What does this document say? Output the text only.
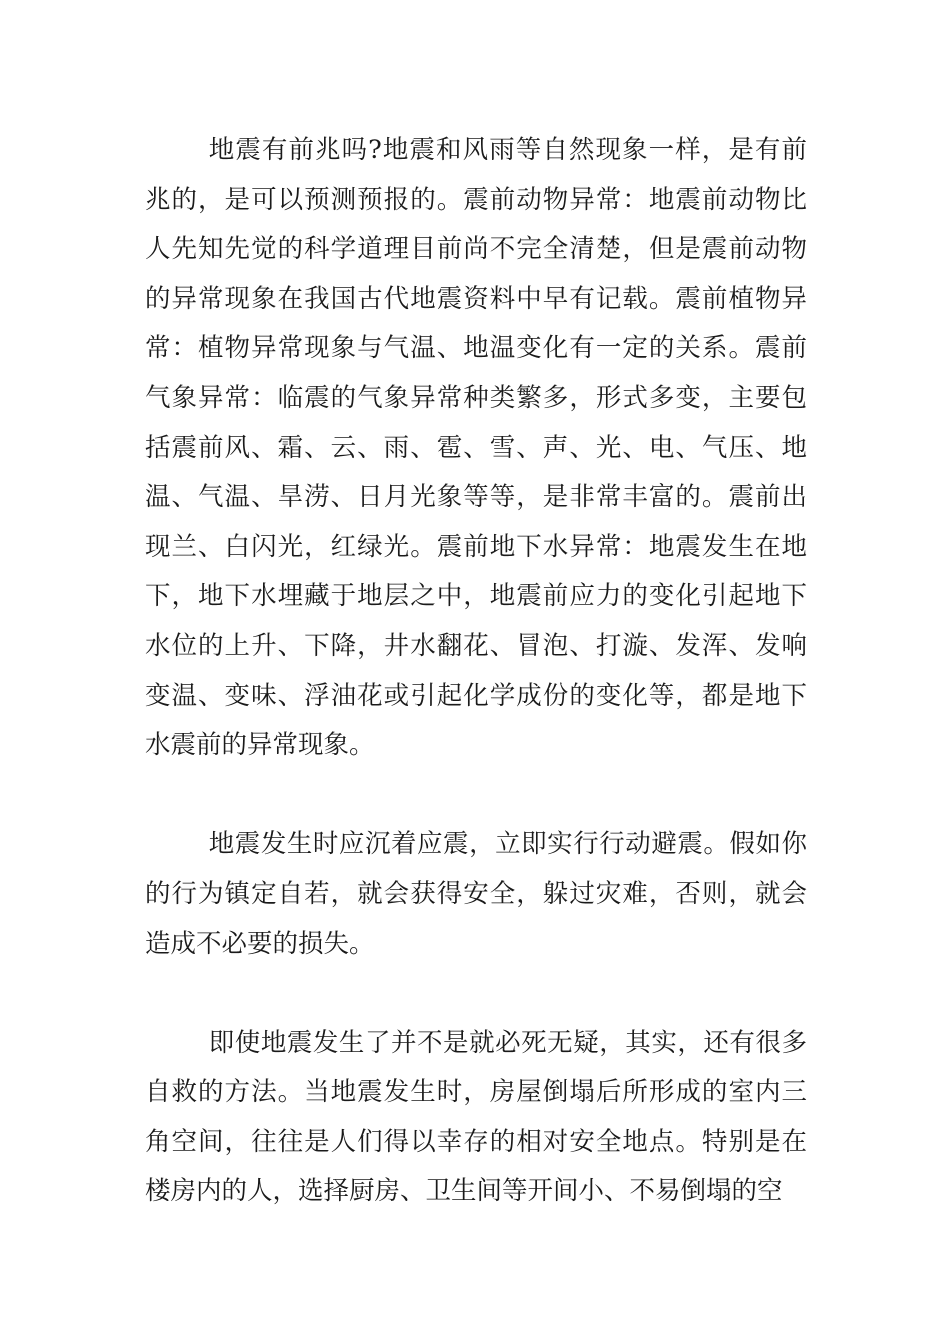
地震有前兆吗?地震和风雨等自然现象一样，是有前兆的，是可以预测预报的。震前动物异常：地震前动物比人先知先觉的科学道理目前尚不完全清楚，但是震前动物的异常现象在我国古代地震资料中早有记载。震前植物异常：植物异常现象与气温、地温变化有一定的关系。震前气象异常：临震的气象异常种类繁多，形式多变，主要包括震前风、霜、云、雨、雹、雪、声、光、电、气压、地温、气温、旱涝、日月光象等等，是非常丰富的。震前出现兰、白闪光，红绿光。震前地下水异常：地震发生在地下，地下水埋藏于地层之中，地震前应力的变化引起地下水位的上升、下降，井水翻花、冒泡、打漩、发浑、发响变温、变味、浮油花或引起化学成份的变化等，都是地下水震前的异常现象。

地震发生时应沉着应震，立即实行行动避震。假如你的行为镇定自若，就会获得安全，躲过灾难，否则，就会造成不必要的损失。

即使地震发生了并不是就必死无疑，其实，还有很多自救的方法。当地震发生时，房屋倒塌后所形成的室内三角空间，往往是人们得以幸存的相对安全地点。特别是在楼房内的人，选择厨房、卫生间等开间小、不易倒塌的空
